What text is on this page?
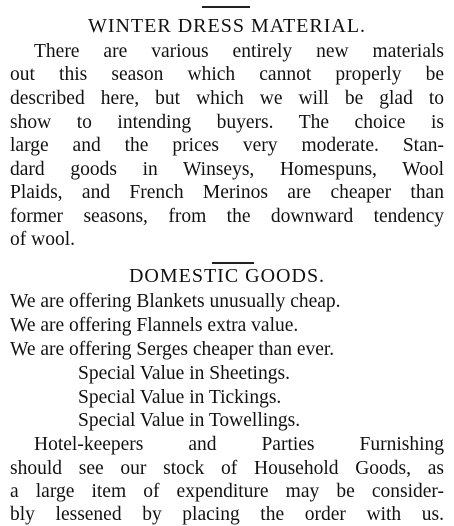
WINTER DRESS MATERIAL.
There are various entirely new materials
out this season which cannot properly be
described here, but which we will be glad to
show to intending buyers. The choice is
large and the prices very moderate. Stan-
dard goods in Winseys, Homespuns, Wool
Plaids, and French Merinos are cheaper than
former seasons, from the downward tendency
of wool.
DOMESTIC GOODS.
We are offering Blankets unusually cheap.
We are offering Flannels extra value.
We are offering Serges cheaper than ever.
Special Value in Sheetings.
Special Value in Tickings.
Special Value in Towellings.
Hotel-keepers and Parties Furnishing
should see our stock of Household Goods, as
a large item of expenditure may be consider-
bly lessened by placing the order with us.
